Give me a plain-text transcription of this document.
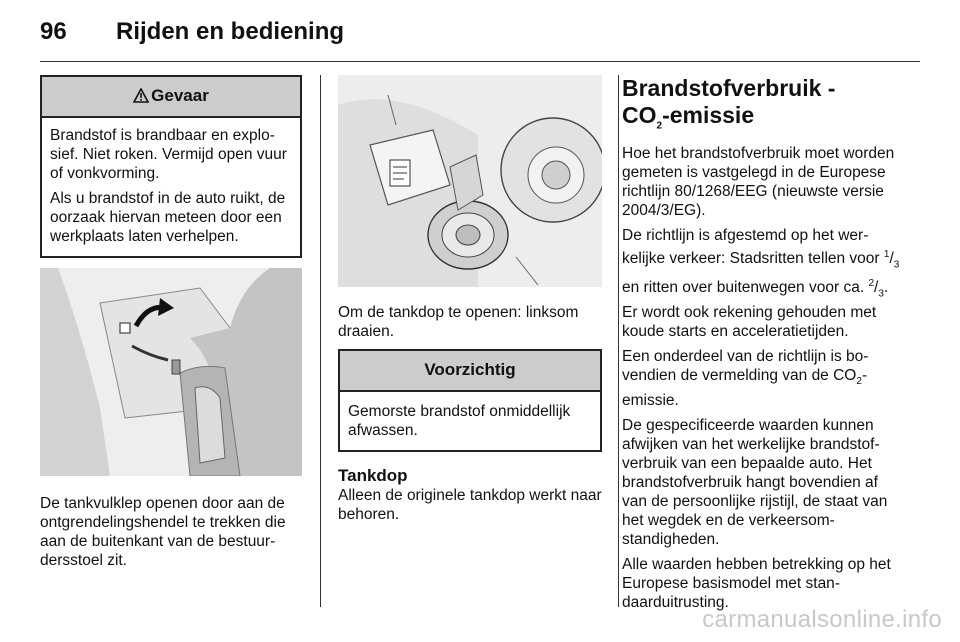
96 Rijden en bediening
Gevaar

Brandstof is brandbaar en explosief. Niet roken. Vermijd open vuur of vonkvorming.

Als u brandstof in de auto ruikt, de oorzaak hiervan meteen door een werkplaats laten verhelpen.

De tankvulklep openen door aan de ontgrendelingshendel te trekken die aan de buitenkant van de bestuurdersstoel zit.

Om de tankdop te openen: linksom draaien.

Voorzichtig

Gemorste brandstof onmiddellijk afwassen.

Tankdop

Alleen de originele tankdop werkt naar behoren.

Brandstofverbruik -
$CO_2$-emissie

Hoe het brandstofverbruik moet worden gemeten is vastgelegd in de Europese richtlijn 80/1268/EEG (nieuwste versie 2004/3/EG).

De richtlijn is afgestemd op het werkelijke verkeer: Stadsritten tellen voor $^1/_3$ en ritten over buitenwegen voor ca. $^2/_3$. Er wordt ook rekening gehouden met koude starts en acceleratietijden.

Een onderdeel van de richtlijn is bovendien de vermelding van de $CO_2$-emissie.

De gespecificeerde waarden kunnen afwijken van het werkelijke brandstofverbruik van een bepaalde auto. Het brandstofverbruik hangt bovendien af van de persoonlijke rijstijl, de staat van het wegdek en de verkeersomstandigheden.

Alle waarden hebben betrekking op het Europese basismodel met standaarduitrusting.

carmanualsonline.info
